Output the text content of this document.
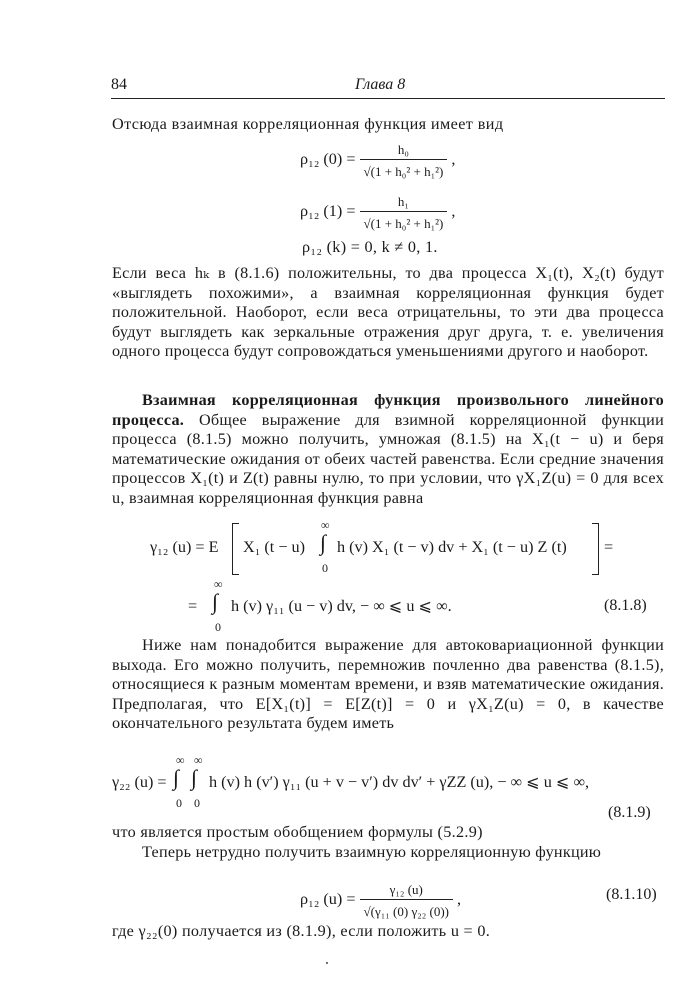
84	Глава 8
Отсюда взаимная корреляционная функция имеет вид
ρ₁₂ $(0) = \frac{\text{h₀}}{\text{√(1 + h₀² + h₁²)}}$ ,
ρ₁₂ $(1) = \frac{\text{h₁}}{\text{√(1 + h₀² + h₁²)}}$ ,
ρ₁₂ (k) = 0, k ≠ 0, 1.
Если веса hₖ в (8.1.6) положительны, то два процесса X₁(t), X₂(t) будут «выглядеть похожими», а взаимная корреляционная функция будет положительной. Наоборот, если веса отрицательны, то эти два процесса будут выглядеть как зеркальные отражения друг друга, т. е. увеличения одного процесса будут сопровождаться уменьшениями другого и наоборот.
Взаимная корреляционная функция произвольного линейного процесса. Общее выражение для взимной корреляционной функции процесса (8.1.5) можно получить, умножая (8.1.5) на X₁(t − u) и беря математические ожидания от обеих частей равенства. Если средние значения процессов X₁(t) и Z(t) равны нулю, то при условии, что γX₁Z(u) = 0 для всех u, взаимная корреляционная функция равна
γ₁₂ (u) = E X₁ (t − u)
∞
∫
0
h (v) X₁ (t − v) dv + X₁ (t − u) Z (t) =
=
∞
∫
0
h (v) γ₁₁ (u − v) dv, − ∞ ⩽ u ⩽ ∞.	(8.1.8)
Ниже нам понадобится выражение для автоковариационной функции выхода. Его можно получить, перемножив почленно два равенства (8.1.5), относящиеся к разным моментам времени, и взяв математические ожидания. Предполагая, что E[X₁(t)] = E[Z(t)] = 0 и γX₁Z(u) = 0, в качестве окончательного результата будем иметь
γ₂₂ (u) =
∞
∫
0
∞
∫
0
h (v) h (v′) γ₁₁ (u + v − v′) dv dv′ + γZZ (u), − ∞ ⩽ u ⩽ ∞,
(8.1.9)
что является простым обобщением формулы (5.2.9)
Теперь нетрудно получить взаимную корреляционную функцию
ρ₁₂ $(u) = \frac{\text{γ₁₂ (u)}}{\text{√(γ₁₁ (0) γ₂₂ (0))}}$ ,	(8.1.10)
где γ₂₂(0) получается из (8.1.9), если положить u = 0.
